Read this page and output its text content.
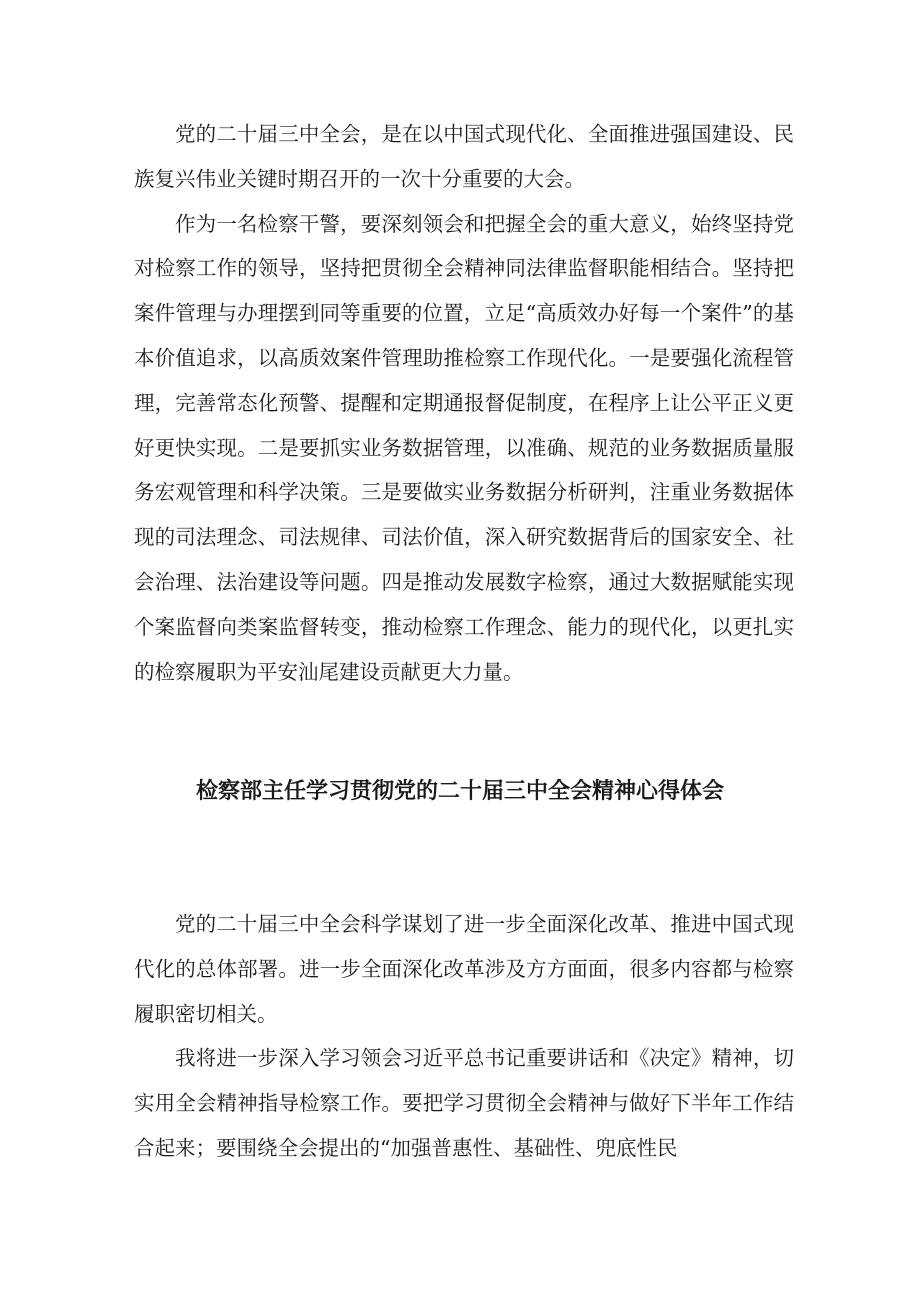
党的二十届三中全会，是在以中国式现代化、全面推进强国建设、民族复兴伟业关键时期召开的一次十分重要的大会。

作为一名检察干警，要深刻领会和把握全会的重大意义，始终坚持党对检察工作的领导，坚持把贯彻全会精神同法律监督职能相结合。坚持把案件管理与办理摆到同等重要的位置，立足“高质效办好每一个案件”的基本价值追求，以高质效案件管理助推检察工作现代化。一是要强化流程管理，完善常态化预警、提醒和定期通报督促制度，在程序上让公平正义更好更快实现。二是要抓实业务数据管理，以准确、规范的业务数据质量服务宏观管理和科学决策。三是要做实业务数据分析研判，注重业务数据体现的司法理念、司法规律、司法价值，深入研究数据背后的国家安全、社会治理、法治建设等问题。四是推动发展数字检察，通过大数据赋能实现个案监督向类案监督转变，推动检察工作理念、能力的现代化，以更扎实的检察履职为平安汕尾建设贡献更大力量。

检察部主任学习贯彻党的二十届三中全会精神心得体会

党的二十届三中全会科学谋划了进一步全面深化改革、推进中国式现代化的总体部署。进一步全面深化改革涉及方方面面，很多内容都与检察履职密切相关。

我将进一步深入学习领会习近平总书记重要讲话和《决定》精神，切实用全会精神指导检察工作。要把学习贯彻全会精神与做好下半年工作结合起来；要围绕全会提出的“加强普惠性、基础性、兜底性民
